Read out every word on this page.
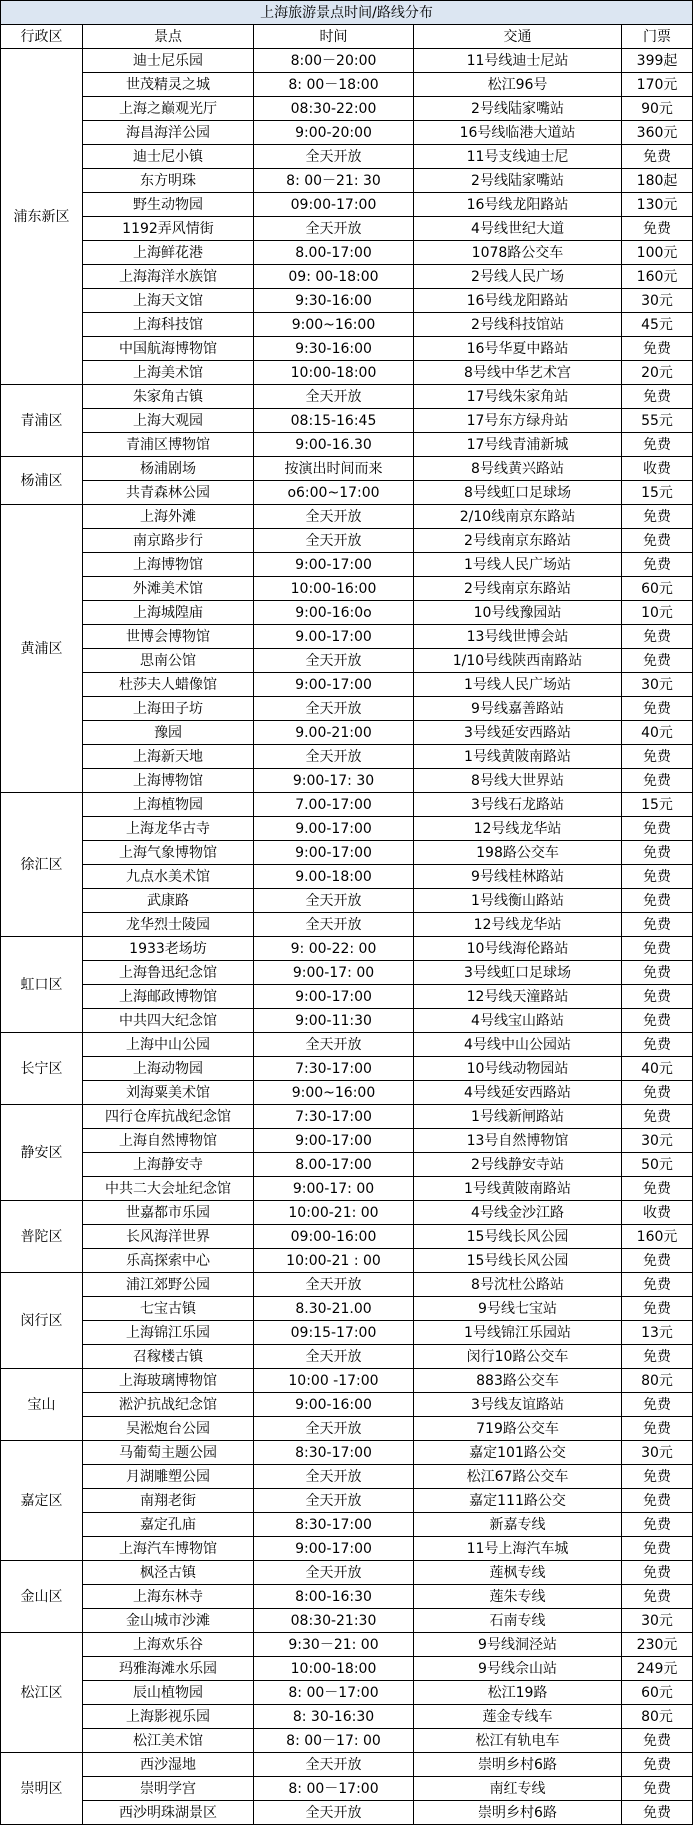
上海旅游景点时间/路线分布				
行政区	景点	时间	交通	门票
浦东新区	迪士尼乐园	8:00－20:00	11号线迪士尼站	399起
	世茂精灵之城	8: 00－18:00	松江96号	170元
	上海之巅观光厅	08:30-22:00	2号线陆家嘴站	90元
	海昌海洋公园	9:00-20:00	16号线临港大道站	360元
	迪士尼小镇	全天开放	11号支线迪士尼	免费
	东方明珠	8: 00－21: 30	2号线陆家嘴站	180起
	野生动物园	09:00-17:00	16号线龙阳路站	130元
	1192弄风情街	全天开放	4号线世纪大道	免费
	上海鲜花港	8.00-17:00	1078路公交车	100元
	上海海洋水族馆	09: 00-18:00	2号线人民广场	160元
	上海天文馆	9:30-16:00	16号线龙阳路站	30元
	上海科技馆	9:00~16:00	2号线科技馆站	45元
	中国航海博物馆	9:30-16:00	16号华夏中路站	免费
	上海美术馆	10:00-18:00	8号线中华艺术宫	20元
青浦区	朱家角古镇	全天开放	17号线朱家角站	免费
	上海大观园	08:15-16:45	17号东方绿舟站	55元
	青浦区博物馆	9:00-16.30	17号线青浦新城	免费
杨浦区	杨浦剧场	按演出时间而来	8号线黄兴路站	收费
	共青森林公园	o6:00~17:00	8号线虹口足球场	15元
黄浦区	上海外滩	全天开放	2/10线南京东路站	免费
	南京路步行	全天开放	2号线南京东路站	免费
	上海博物馆	9:00-17:00	1号线人民广场站	免费
	外滩美术馆	10:00-16:00	2号线南京东路站	60元
	上海城隍庙	9:00-16:0o	10号线豫园站	10元
	世博会博物馆	9.00-17:00	13号线世博会站	免费
	思南公馆	全天开放	1/10号线陕西南路站	免费
	杜莎夫人蜡像馆	9:00-17:00	1号线人民广场站	30元
	上海田子坊	全天开放	9号线嘉善路站	免费
	豫园	9.00-21:00	3号线延安西路站	40元
	上海新天地	全天开放	1号线黄陂南路站	免费
	上海博物馆	9:00-17: 30	8号线大世界站	免费
徐汇区	上海植物园	7.00-17:00	3号线石龙路站	15元
	上海龙华古寺	9.00-17:00	12号线龙华站	免费
	上海气象博物馆	9:00-17:00	198路公交车	免费
	九点水美术馆	9.00-18:00	9号线桂林路站	免费
	武康路	全天开放	1号线衡山路站	免费
	龙华烈士陵园	全天开放	12号线龙华站	免费
虹口区	1933老场坊	9: 00-22: 00	10号线海伦路站	免费
	上海鲁迅纪念馆	9:00-17: 00	3号线虹口足球场	免费
	上海邮政博物馆	9:00-17:00	12号线天潼路站	免费
	中共四大纪念馆	9:00-11:30	4号线宝山路站	免费
长宁区	上海中山公园	全天开放	4号线中山公园站	免费
	上海动物园	7:30-17:00	10号线动物园站	40元
	刘海粟美术馆	9:00~16:00	4号线延安西路站	免费
静安区	四行仓库抗战纪念馆	7:30-17:00	1号线新闸路站	免费
	上海自然博物馆	9:00-17:00	13号自然博物馆	30元
	上海静安寺	8.00-17:00	2号线静安寺站	50元
	中共二大会址纪念馆	9:00-17: 00	1号线黄陂南路站	免费
普陀区	世嘉都市乐园	10:00-21: 00	4号线金沙江路	收费
	长风海洋世界	09:00-16:00	15号线长风公园	160元
	乐高探索中心	10:00-21 : 00	15号线长风公园	免费
闵行区	浦江郊野公园	全天开放	8号沈杜公路站	免费
	七宝古镇	8.30-21.00	9号线七宝站	免费
	上海锦江乐园	09:15-17:00	1号线锦江乐园站	13元
	召稼楼古镇	全天开放	闵行10路公交车	免费
宝山	上海玻璃博物馆	10:00 -17:00	883路公交车	80元
	淞沪抗战纪念馆	9:00-16:00	3号线友谊路站	免费
	吴淞炮台公园	全天开放	719路公交车	免费
嘉定区	马葡萄主题公园	8:30-17:00	嘉定101路公交	30元
	月湖雕塑公园	全天开放	松江67路公交车	免费
	南翔老街	全天开放	嘉定111路公交	免费
	嘉定孔庙	8:30-17:00	新嘉专线	免费
	上海汽车博物馆	9:00-17:00	11号上海汽车城	免费
金山区	枫泾古镇	全天开放	莲枫专线	免费
	上海东林寺	8:00-16:30	莲朱专线	免费
	金山城市沙滩	08:30-21:30	石南专线	30元
松江区	上海欢乐谷	9:30－21: 00	9号线洞泾站	230元
	玛雅海滩水乐园	10:00-18:00	9号线佘山站	249元
	辰山植物园	8: 00－17:00	松江19路	60元
	上海影视乐园	8: 30-16:30	莲金专线车	80元
	松江美术馆	8: 00－17: 00	松江有轨电车	免费
崇明区	西沙湿地	全天开放	崇明乡村6路	免费
	崇明学宫	8: 00－17:00	南红专线	免费
	西沙明珠湖景区	全天开放	崇明乡村6路	免费
